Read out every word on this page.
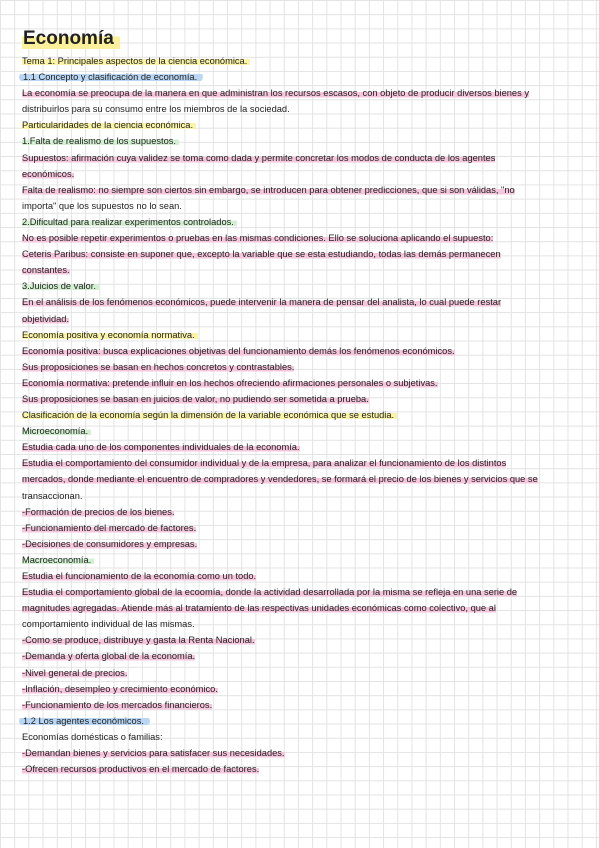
Economía
Tema 1: Principales aspectos de la ciencia económica.
1.1 Concepto y clasificación de economía.
La economía se preocupa de la manera en que administran los recursos escasos, con objeto de producir diversos bienes y
distribuirlos para su consumo entre los miembros de la sociedad.
Particularidades de la ciencia económica.
1.Falta de realismo de los supuestos.
Supuestos: afirmación cuya validez se toma como dada y permite concretar los modos de conducta de los agentes
económicos.
Falta de realismo: no siempre son ciertos sin embargo, se introducen para obtener predicciones, que si son válidas, "no
importa" que los supuestos no lo sean.
2.Dificultad para realizar experimentos controlados.
No es posible repetir experimentos o pruebas en las mismas condiciones. Ello se soluciona aplicando el supuesto:
Ceteris Paribus: consiste en suponer que, excepto la variable que se esta estudiando, todas las demás permanecen
constantes.
3.Juicios de valor.
En el análisis de los fenómenos económicos, puede intervenir la manera de pensar del analista, lo cual puede restar
objetividad.
Economía positiva y economía normativa.
Economía positiva: busca explicaciones objetivas del funcionamiento demás los fenómenos económicos.
Sus proposiciones se basan en hechos concretos y contrastables.
Economía normativa: pretende influir en los hechos ofreciendo afirmaciones personales o subjetivas.
Sus proposiciones se basan en juicios de valor, no pudiendo ser sometida a prueba.
Clasificación de la economía según la dimensión de la variable económica que se estudia.
Microeconomía.
Estudia cada uno de los componentes individuales de la economía.
Estudia el comportamiento del consumidor individual y de la empresa, para analizar el funcionamiento de los distintos
mercados, donde mediante el encuentro de compradores y vendedores, se formará el precio de los bienes y servicios que se
transaccionan.
-Formación de precios de los bienes.
-Funcionamiento del mercado de factores.
-Decisiones de consumidores y empresas.
Macroeconomía.
Estudia el funcionamiento de la economía como un todo.
Estudia el comportamiento global de la ecoomía, donde la actividad desarrollada por la misma se refleja en una serie de
magnitudes agregadas. Atiende más al tratamiento de las respectivas unidades económicas como colectivo, que al
comportamiento individual de las mismas.
-Como se produce, distribuye y gasta la Renta Nacional.
-Demanda y oferta global de la economía.
-Nivel general de precios.
-Inflación, desempleo y crecimiento económico.
-Funcionamiento de los mercados financieros.
1.2 Los agentes económicos.
Economías domésticas o familias:
-Demandan bienes y servicios para satisfacer sus necesidades.
-Ofrecen recursos productivos en el mercado de factores.
